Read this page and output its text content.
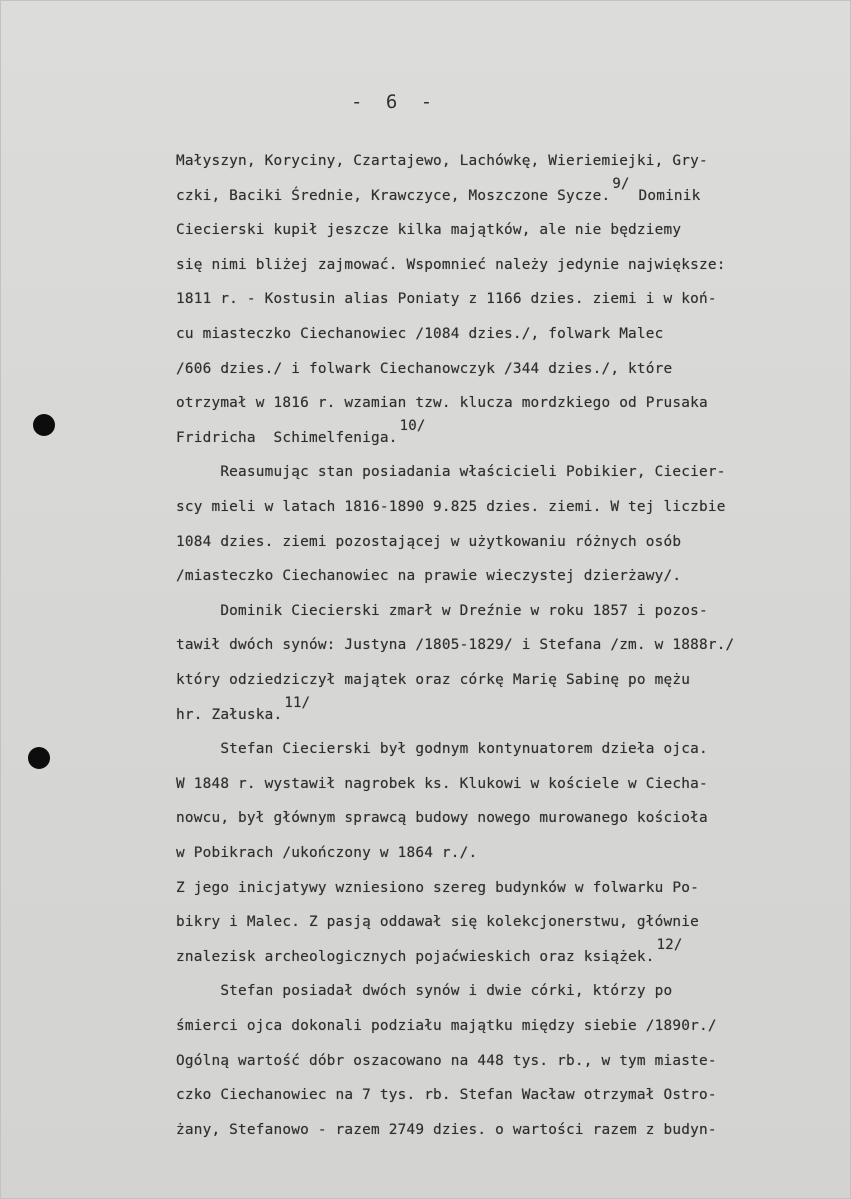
- 6 -
Małyszyn, Koryciny, Czartajewo, Lachówkę, Wieriemiejki, Gry-
czki, Baciki Średnie, Krawczyce, Moszczone Sycze.9/ Dominik
Ciecierski kupił jeszcze kilka majątków, ale nie będziemy
się nimi bliżej zajmować. Wspomnieć należy jedynie największe:
1811 r. - Kostusin alias Poniaty z 1166 dzies. ziemi i w koń-
cu miasteczko Ciechanowiec /1084 dzies./, folwark Malec
/606 dzies./ i folwark Ciechanowczyk /344 dzies./, które
otrzymał w 1816 r. wzamian tzw. klucza mordzkiego od Prusaka
Fridricha  Schimelfeniga.10/
Reasumując stan posiadania właścicieli Pobikier, Ciecier-
scy mieli w latach 1816-1890 9.825 dzies. ziemi. W tej liczbie
1084 dzies. ziemi pozostającej w użytkowaniu różnych osób
/miasteczko Ciechanowiec na prawie wieczystej dzierżawy/.
Dominik Ciecierski zmarł w Dreźnie w roku 1857 i pozos-
tawił dwóch synów: Justyna /1805-1829/ i Stefana /zm. w 1888r./
który odziedziczył majątek oraz córkę Marię Sabinę po mężu
hr. Załuska.11/
Stefan Ciecierski był godnym kontynuatorem dzieła ojca.
W 1848 r. wystawił nagrobek ks. Klukowi w kościele w Ciecha-
nowcu, był głównym sprawcą budowy nowego murowanego kościoła
w Pobikrach /ukończony w 1864 r./.
Z jego inicjatywy wzniesiono szereg budynków w folwarku Po-
bikry i Malec. Z pasją oddawał się kolekcjonerstwu, głównie
znalezisk archeologicznych pojaćwieskich oraz książek.12/
Stefan posiadał dwóch synów i dwie córki, którzy po
śmierci ojca dokonali podziału majątku między siebie /1890r./
Ogólną wartość dóbr oszacowano na 448 tys. rb., w tym miaste-
czko Ciechanowiec na 7 tys. rb. Stefan Wacław otrzymał Ostro-
żany, Stefanowo - razem 2749 dzies. o wartości razem z budyn-
